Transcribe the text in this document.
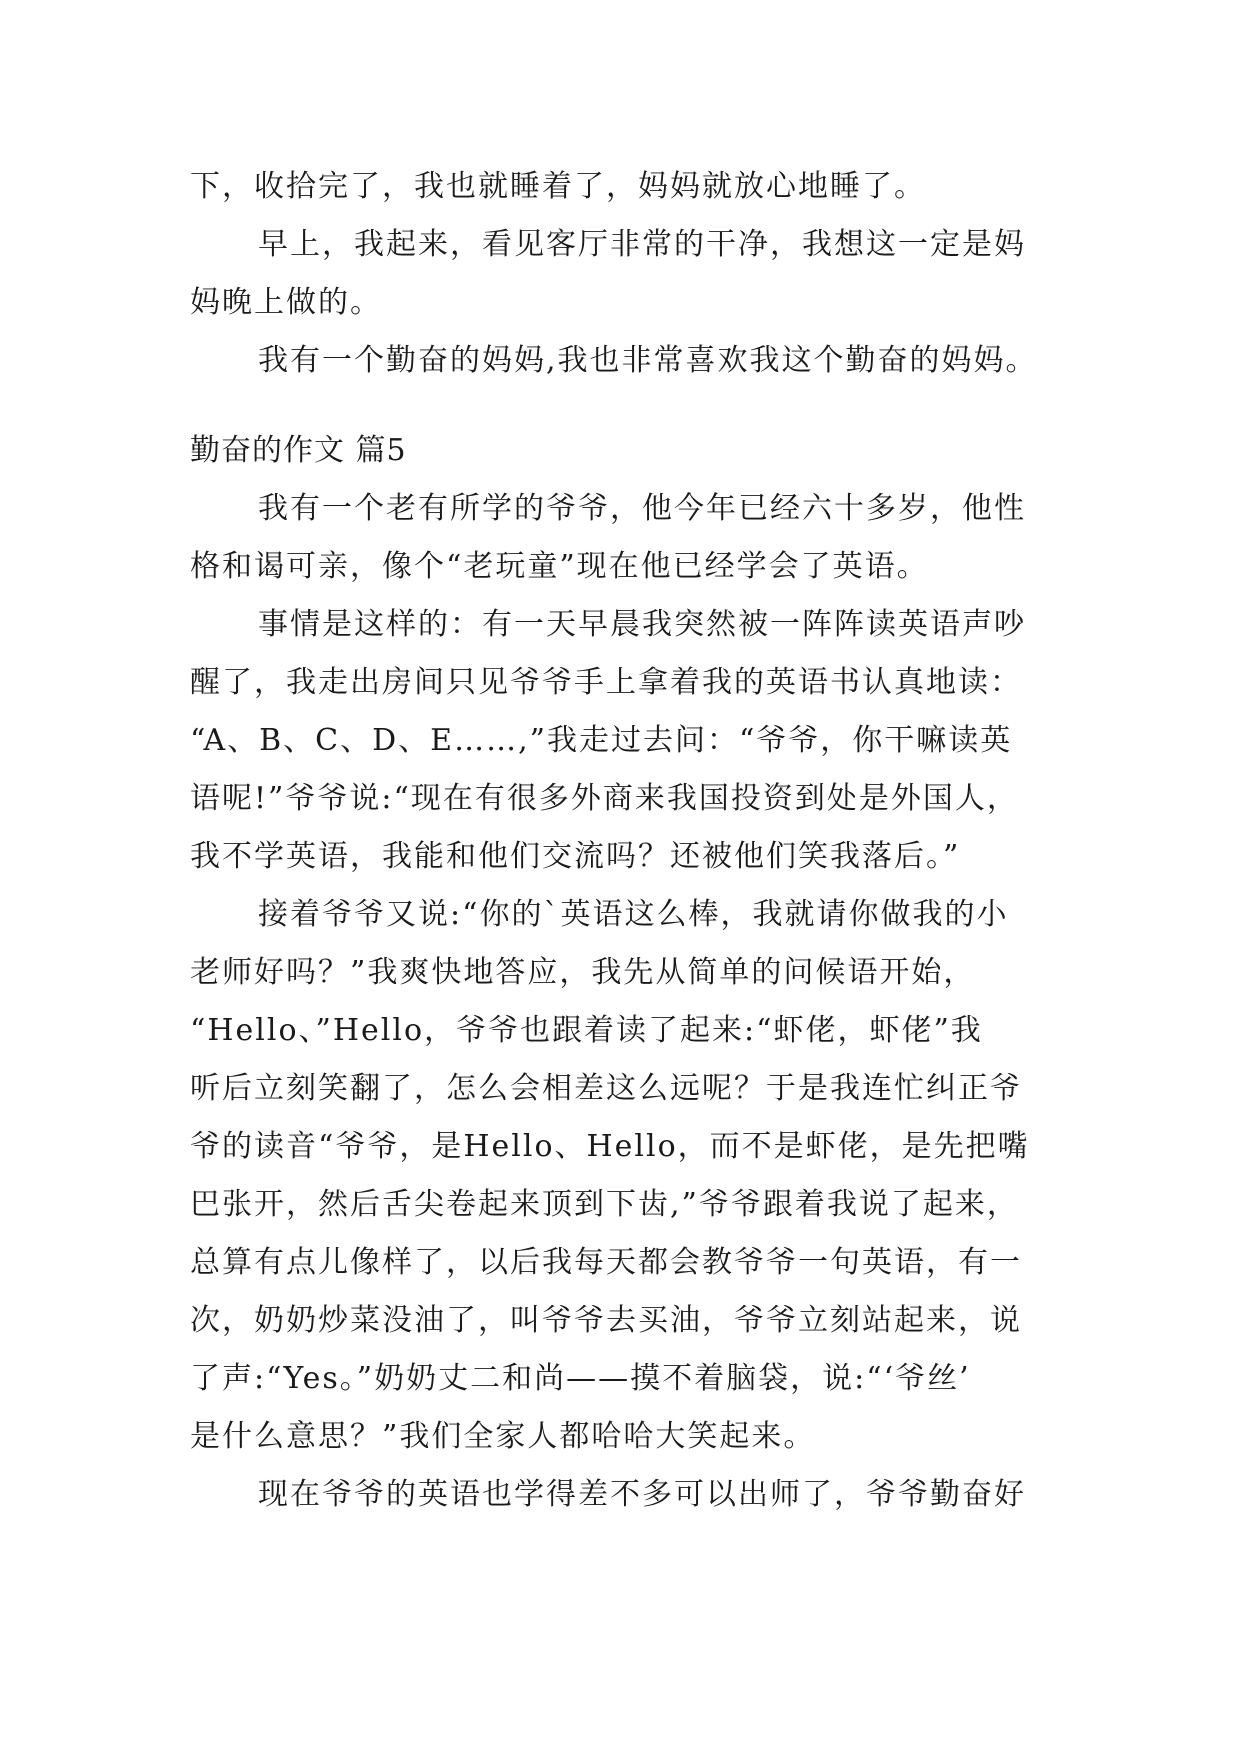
下，收拾完了，我也就睡着了，妈妈就放心地睡了。
早上，我起来，看见客厅非常的干净，我想这一定是妈
妈晚上做的。
我有一个勤奋的妈妈,我也非常喜欢我这个勤奋的妈妈。
勤奋的作文 篇5
我有一个老有所学的爷爷，他今年已经六十多岁，他性
格和谒可亲，像个“老玩童”现在他已经学会了英语。
事情是这样的：有一天早晨我突然被一阵阵读英语声吵
醒了，我走出房间只见爷爷手上拿着我的英语书认真地读：
“A、B、C、D、E……,”我走过去问：“爷爷，你干嘛读英
语呢!”爷爷说:“现在有很多外商来我国投资到处是外国人，
我不学英语，我能和他们交流吗？还被他们笑我落后。”
接着爷爷又说:“你的`英语这么棒，我就请你做我的小
老师好吗？”我爽快地答应，我先从简单的问候语开始，
“Hello、”Hello，爷爷也跟着读了起来:“虾佬，虾佬”我
听后立刻笑翻了，怎么会相差这么远呢？于是我连忙纠正爷
爷的读音“爷爷，是Hello、Hello，而不是虾佬，是先把嘴
巴张开，然后舌尖卷起来顶到下齿,”爷爷跟着我说了起来，
总算有点儿像样了，以后我每天都会教爷爷一句英语，有一
次，奶奶炒菜没油了，叫爷爷去买油，爷爷立刻站起来，说
了声:“Yes。”奶奶丈二和尚——摸不着脑袋，说:“‘爷丝’
是什么意思？”我们全家人都哈哈大笑起来。
现在爷爷的英语也学得差不多可以出师了，爷爷勤奋好
